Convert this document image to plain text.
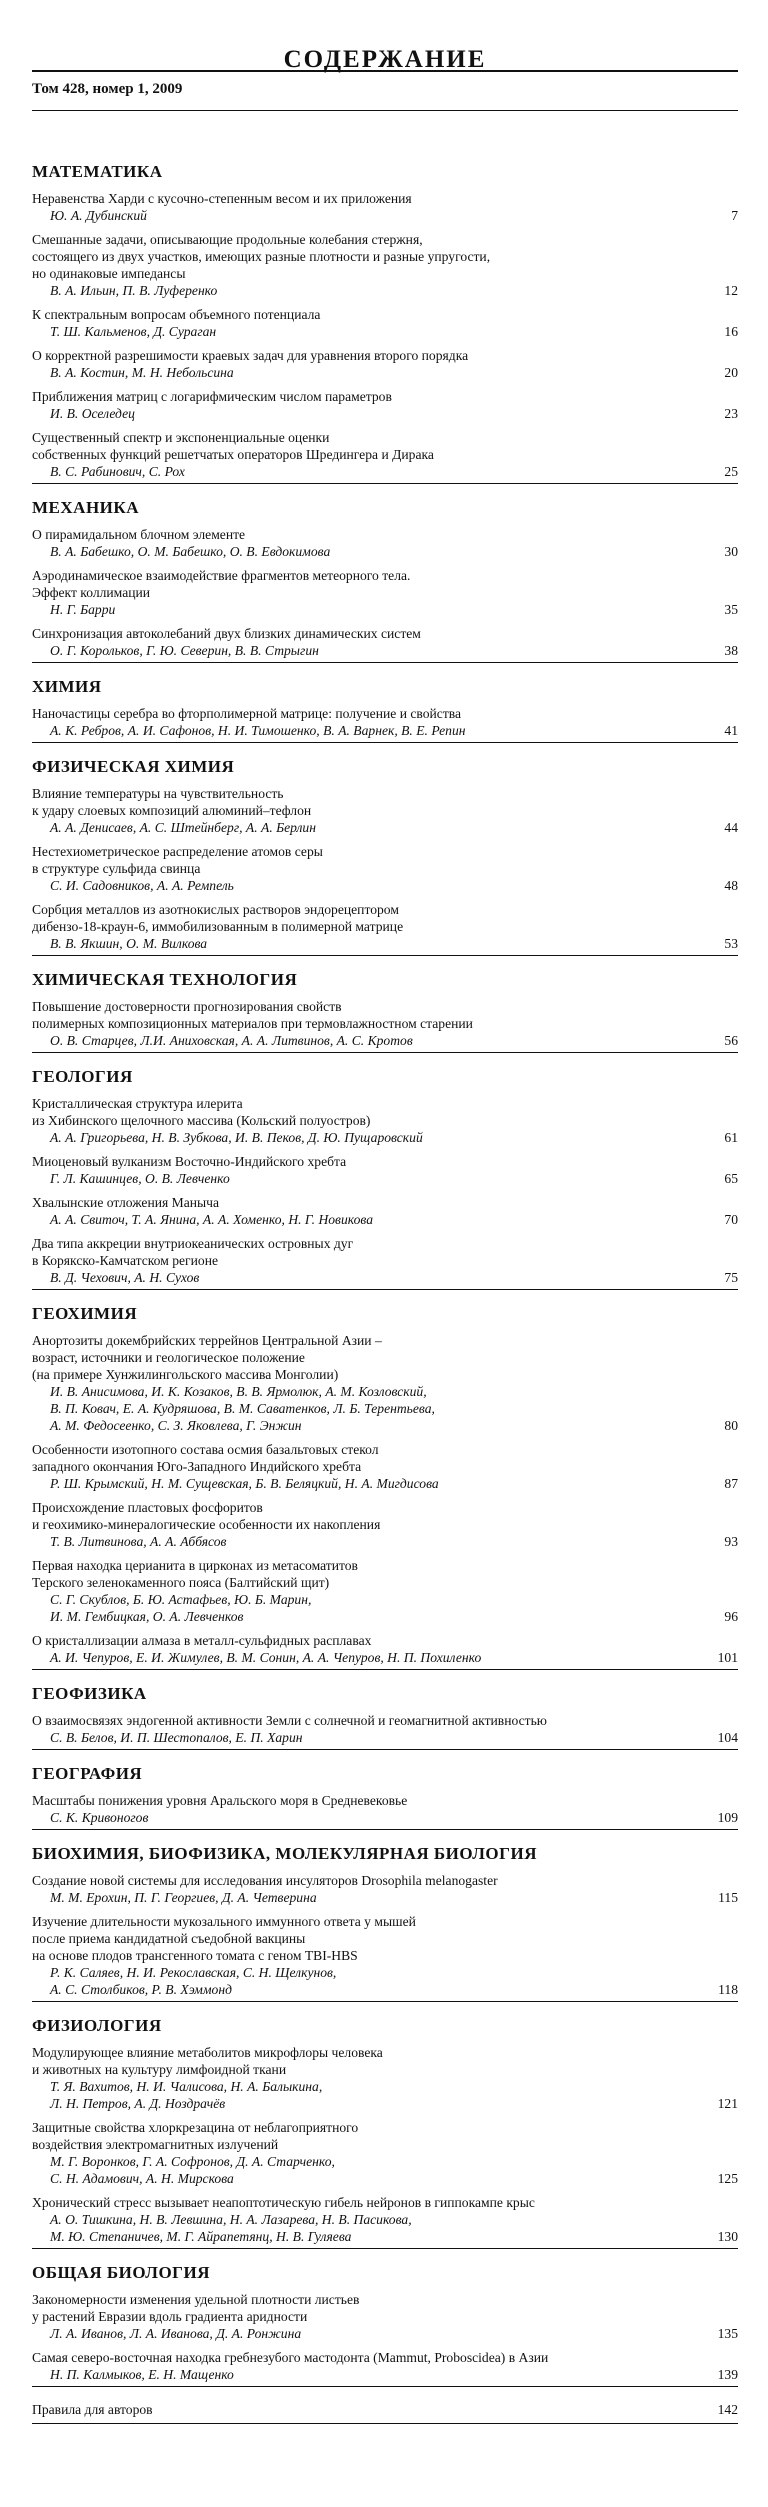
СОДЕРЖАНИЕ
Том 428, номер 1, 2009
МАТЕМАТИКА
Неравенства Харди с кусочно-степенным весом и их приложения
Ю. А. Дубинский	7
Смешанные задачи, описывающие продольные колебания стержня,
состоящего из двух участков, имеющих разные плотности и разные упругости,
но одинаковые импедансы
В. А. Ильин, П. В. Луференко	12
К спектральным вопросам объемного потенциала
Т. Ш. Кальменов, Д. Сураган	16
О корректной разрешимости краевых задач для уравнения второго порядка
В. А. Костин, М. Н. Небольсина	20
Приближения матриц с логарифмическим числом параметров
И. В. Оселедец	23
Существенный спектр и экспоненциальные оценки
собственных функций решетчатых операторов Шредингера и Дирака
В. С. Рабинович, С. Рох	25
МЕХАНИКА
О пирамидальном блочном элементе
В. А. Бабешко, О. М. Бабешко, О. В. Евдокимова	30
Аэродинамическое взаимодействие фрагментов метеорного тела.
Эффект коллимации
Н. Г. Барри	35
Синхронизация автоколебаний двух близких динамических систем
О. Г. Корольков, Г. Ю. Северин, В. В. Стрыгин	38
ХИМИЯ
Наночастицы серебра во фторполимерной матрице: получение и свойства
А. К. Ребров, А. И. Сафонов, Н. И. Тимошенко, В. А. Варнек, В. Е. Репин	41
ФИЗИЧЕСКАЯ ХИМИЯ
Влияние температуры на чувствительность
к удару слоевых композиций алюминий–тефлон
А. А. Денисаев, А. С. Штейнберг, А. А. Берлин	44
Нестехиометрическое распределение атомов серы
в структуре сульфида свинца
С. И. Садовников, А. А. Ремпель	48
Сорбция металлов из азотнокислых растворов эндорецептором
дибензо-18-краун-6, иммобилизованным в полимерной матрице
В. В. Якшин, О. М. Вилкова	53
ХИМИЧЕСКАЯ ТЕХНОЛОГИЯ
Повышение достоверности прогнозирования свойств
полимерных композиционных материалов при термовлажностном старении
О. В. Старцев, Л.И. Аниховская, А. А. Литвинов, А. С. Кротов	56
ГЕОЛОГИЯ
Кристаллическая структура илерита
из Хибинского щелочного массива (Кольский полуостров)
А. А. Григорьева, Н. В. Зубкова, И. В. Пеков, Д. Ю. Пущаровский	61
Миоценовый вулканизм Восточно-Индийского хребта
Г. Л. Кашинцев, О. В. Левченко	65
Хвалынские отложения Маныча
А. А. Свиточ, Т. А. Янина, А. А. Хоменко, Н. Г. Новикова	70
Два типа аккреции внутриокеанических островных дуг
в Корякско-Камчатском регионе
В. Д. Чехович, А. Н. Сухов	75
ГЕОХИМИЯ
Анортозиты докембрийских террейнов Центральной Азии –
возраст, источники и геологическое положение
(на примере Хунжилингольского массива Монголии)
И. В. Анисимова, И. К. Козаков, В. В. Ярмолюк, А. М. Козловский,
В. П. Ковач, Е. А. Кудряшова, В. М. Саватенков, Л. Б. Терентьева,
А. М. Федосеенко, С. З. Яковлева, Г. Энжин	80
Особенности изотопного состава осмия базальтовых стекол
западного окончания Юго-Западного Индийского хребта
Р. Ш. Крымский, Н. М. Сущевская, Б. В. Беляцкий, Н. А. Мигдисова	87
Происхождение пластовых фосфоритов
и геохимико-минералогические особенности их накопления
Т. В. Литвинова, А. А. Аббясов	93
Первая находка церианита в цирконах из метасоматитов
Терского зеленокаменного пояса (Балтийский щит)
С. Г. Скублов, Б. Ю. Астафьев, Ю. Б. Марин,
И. М. Гембицкая, О. А. Левченков	96
О кристаллизации алмаза в металл-сульфидных расплавах
А. И. Чепуров, Е. И. Жимулев, В. М. Сонин, А. А. Чепуров, Н. П. Похиленко	101
ГЕОФИЗИКА
О взаимосвязях эндогенной активности Земли с солнечной и геомагнитной активностью
С. В. Белов, И. П. Шестопалов, Е. П. Харин	104
ГЕОГРАФИЯ
Масштабы понижения уровня Аральского моря в Средневековье
С. К. Кривоногов	109
БИОХИМИЯ, БИОФИЗИКА, МОЛЕКУЛЯРНАЯ БИОЛОГИЯ
Создание новой системы для исследования инсуляторов Drosophila melanogaster
М. М. Ерохин, П. Г. Георгиев, Д. А. Четверина	115
Изучение длительности мукозального иммунного ответа у мышей
после приема кандидатной съедобной вакцины
на основе плодов трансгенного томата с геном TBI-HBS
Р. К. Саляев, Н. И. Рекославская, С. Н. Щелкунов,
А. С. Столбиков, Р. В. Хэммонд	118
ФИЗИОЛОГИЯ
Модулирующее влияние метаболитов микрофлоры человека
и животных на культуру лимфоидной ткани
Т. Я. Вахитов, Н. И. Чалисова, Н. А. Балыкина,
Л. Н. Петров, А. Д. Ноздрачёв	121
Защитные свойства хлоркрезацина от неблагоприятного
воздействия электромагнитных излучений
М. Г. Воронков, Г. А. Софронов, Д. А. Старченко,
С. Н. Адамович, А. Н. Мирскова	125
Хронический стресс вызывает неапоптотическую гибель нейронов в гиппокампе крыс
А. О. Тишкина, Н. В. Левшина, Н. А. Лазарева, Н. В. Пасикова,
М. Ю. Степаничев, М. Г. Айрапетянц, Н. В. Гуляева	130
ОБЩАЯ БИОЛОГИЯ
Закономерности изменения удельной плотности листьев
у растений Евразии вдоль градиента аридности
Л. А. Иванов, Л. А. Иванова, Д. А. Ронжина	135
Самая северо-восточная находка гребнезубого мастодонта (Mammut, Proboscidea) в Азии
Н. П. Калмыков, Е. Н. Мащенко	139
Правила для авторов	142
